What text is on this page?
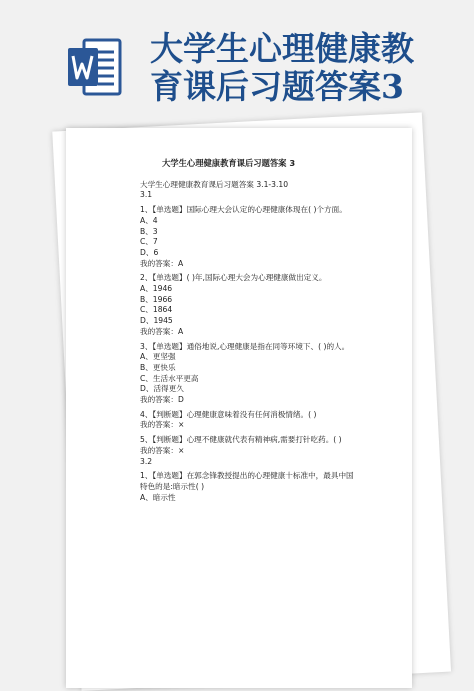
大学生心理健康教
育课后习题答案3
大学生心理健康教育课后习题答案 3
大学生心理健康教育课后习题答案 3.1-3.10
3.1
1、【单选题】国际心理大会认定的心理健康体现在( )个方面。
A、4
B、3
C、7
D、6
我的答案：A
2、【单选题】( )年,国际心理大会为心理健康做出定义。
A、1946
B、1966
C、1864
D、1945
我的答案：A
3、【单选题】通俗地说,心理健康是指在同等环境下、( )的人。
A、更坚强
B、更快乐
C、生活水平更高
D、活得更久
我的答案：D
4、【判断题】心理健康意味着没有任何消极情绪。( )
我的答案：×
5、【判断题】心理不健康就代表有精神病,需要打针吃药。( )
我的答案：×
3.2
1、【单选题】在郭念锋教授提出的心理健康十标准中，最具中国
特色的是:暗示性( )
A、暗示性
